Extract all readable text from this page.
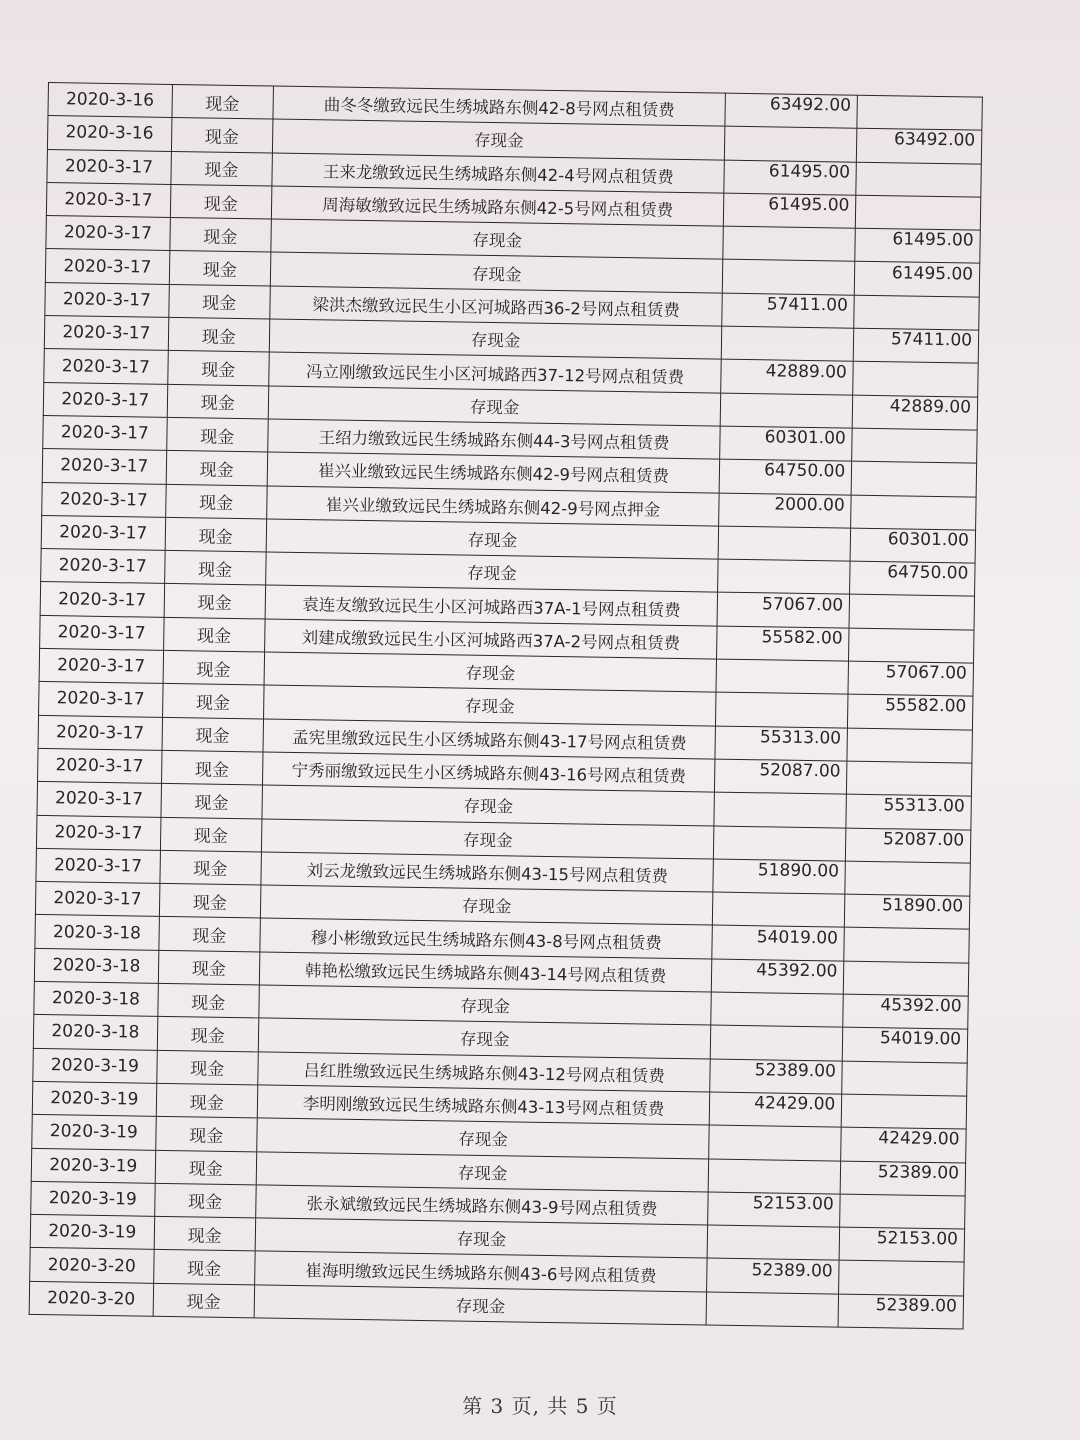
2020-3-16	现金	曲冬冬缴致远民生绣城路东侧42-8号网点租赁费	63492.00	
2020-3-16	现金	存现金		63492.00
2020-3-17	现金	王来龙缴致远民生绣城路东侧42-4号网点租赁费	61495.00	
2020-3-17	现金	周海敏缴致远民生绣城路东侧42-5号网点租赁费	61495.00	
2020-3-17	现金	存现金		61495.00
2020-3-17	现金	存现金		61495.00
2020-3-17	现金	梁洪杰缴致远民生小区河城路西36-2号网点租赁费	57411.00	
2020-3-17	现金	存现金		57411.00
2020-3-17	现金	冯立刚缴致远民生小区河城路西37-12号网点租赁费	42889.00	
2020-3-17	现金	存现金		42889.00
2020-3-17	现金	王绍力缴致远民生绣城路东侧44-3号网点租赁费	60301.00	
2020-3-17	现金	崔兴业缴致远民生绣城路东侧42-9号网点租赁费	64750.00	
2020-3-17	现金	崔兴业缴致远民生绣城路东侧42-9号网点押金	2000.00	
2020-3-17	现金	存现金		60301.00
2020-3-17	现金	存现金		64750.00
2020-3-17	现金	袁连友缴致远民生小区河城路西37A-1号网点租赁费	57067.00	
2020-3-17	现金	刘建成缴致远民生小区河城路西37A-2号网点租赁费	55582.00	
2020-3-17	现金	存现金		57067.00
2020-3-17	现金	存现金		55582.00
2020-3-17	现金	孟宪里缴致远民生小区绣城路东侧43-17号网点租赁费	55313.00	
2020-3-17	现金	宁秀丽缴致远民生小区绣城路东侧43-16号网点租赁费	52087.00	
2020-3-17	现金	存现金		55313.00
2020-3-17	现金	存现金		52087.00
2020-3-17	现金	刘云龙缴致远民生绣城路东侧43-15号网点租赁费	51890.00	
2020-3-17	现金	存现金		51890.00
2020-3-18	现金	穆小彬缴致远民生绣城路东侧43-8号网点租赁费	54019.00	
2020-3-18	现金	韩艳松缴致远民生绣城路东侧43-14号网点租赁费	45392.00	
2020-3-18	现金	存现金		45392.00
2020-3-18	现金	存现金		54019.00
2020-3-19	现金	吕红胜缴致远民生绣城路东侧43-12号网点租赁费	52389.00	
2020-3-19	现金	李明刚缴致远民生绣城路东侧43-13号网点租赁费	42429.00	
2020-3-19	现金	存现金		42429.00
2020-3-19	现金	存现金		52389.00
2020-3-19	现金	张永斌缴致远民生绣城路东侧43-9号网点租赁费	52153.00	
2020-3-19	现金	存现金		52153.00
2020-3-20	现金	崔海明缴致远民生绣城路东侧43-6号网点租赁费	52389.00	
2020-3-20	现金	存现金		52389.00
第 3 页, 共 5 页
